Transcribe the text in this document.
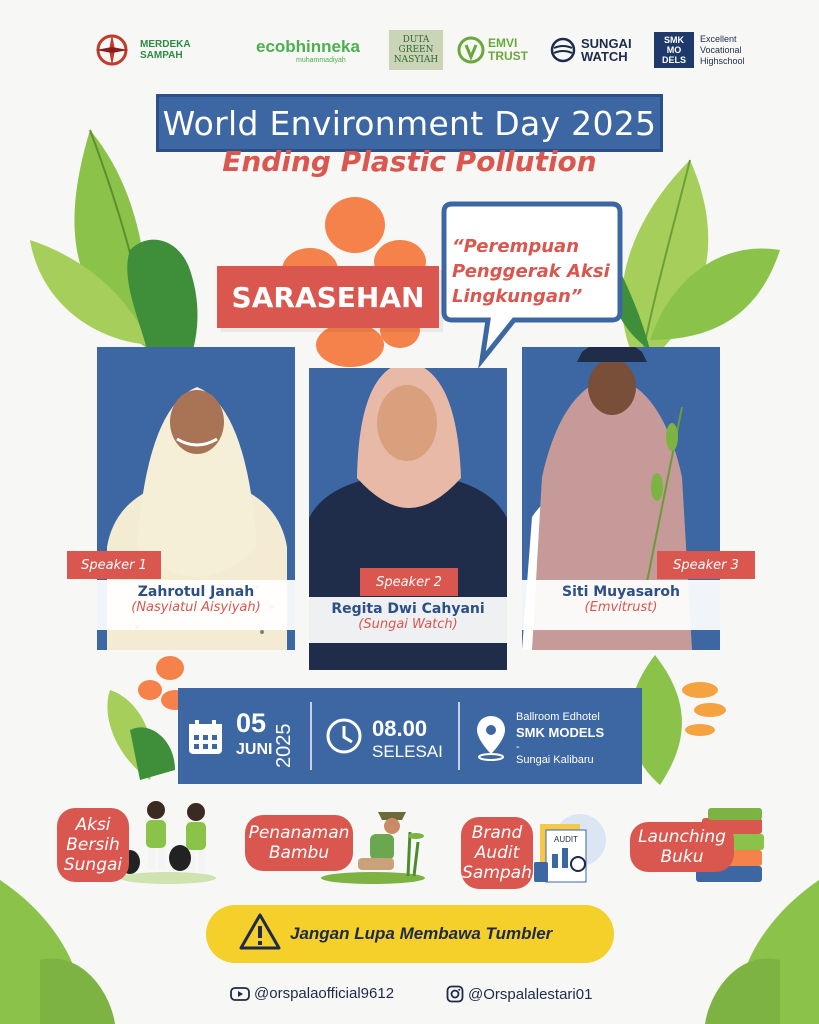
MERDEKA SAMPAH	ecobhinneka
muhammadiyah
DUTA GREEN NASYIAH
EMVI TRUST
SUNGAI WATCH
SMK MO DELS
Excellent
Vocational
Highschool
World Environment Day 2025
Ending Plastic Pollution
“Perempuan
Penggerak Aksi
Lingkungan”
SARASEHAN
Speaker 1
Zahrotul Janah
(Nasyiatul Aisyiyah)
Speaker 2
Regita Dwi Cahyani
(Sungai Watch)
Speaker 3
Siti Muyasaroh
(Emvitrust)
05
JUNI 2025	08.00
SELESAI
Ballroom Edhotel
SMK MODELS
-
Sungai Kalibaru
Aksi
Bersih
Sungai
Penanaman
Bambu
AUDIT
Brand
Audit
Sampah
Launching
Buku
Jangan Lupa Membawa Tumbler
@orspalaofficial9612	@Orspalalestari01
